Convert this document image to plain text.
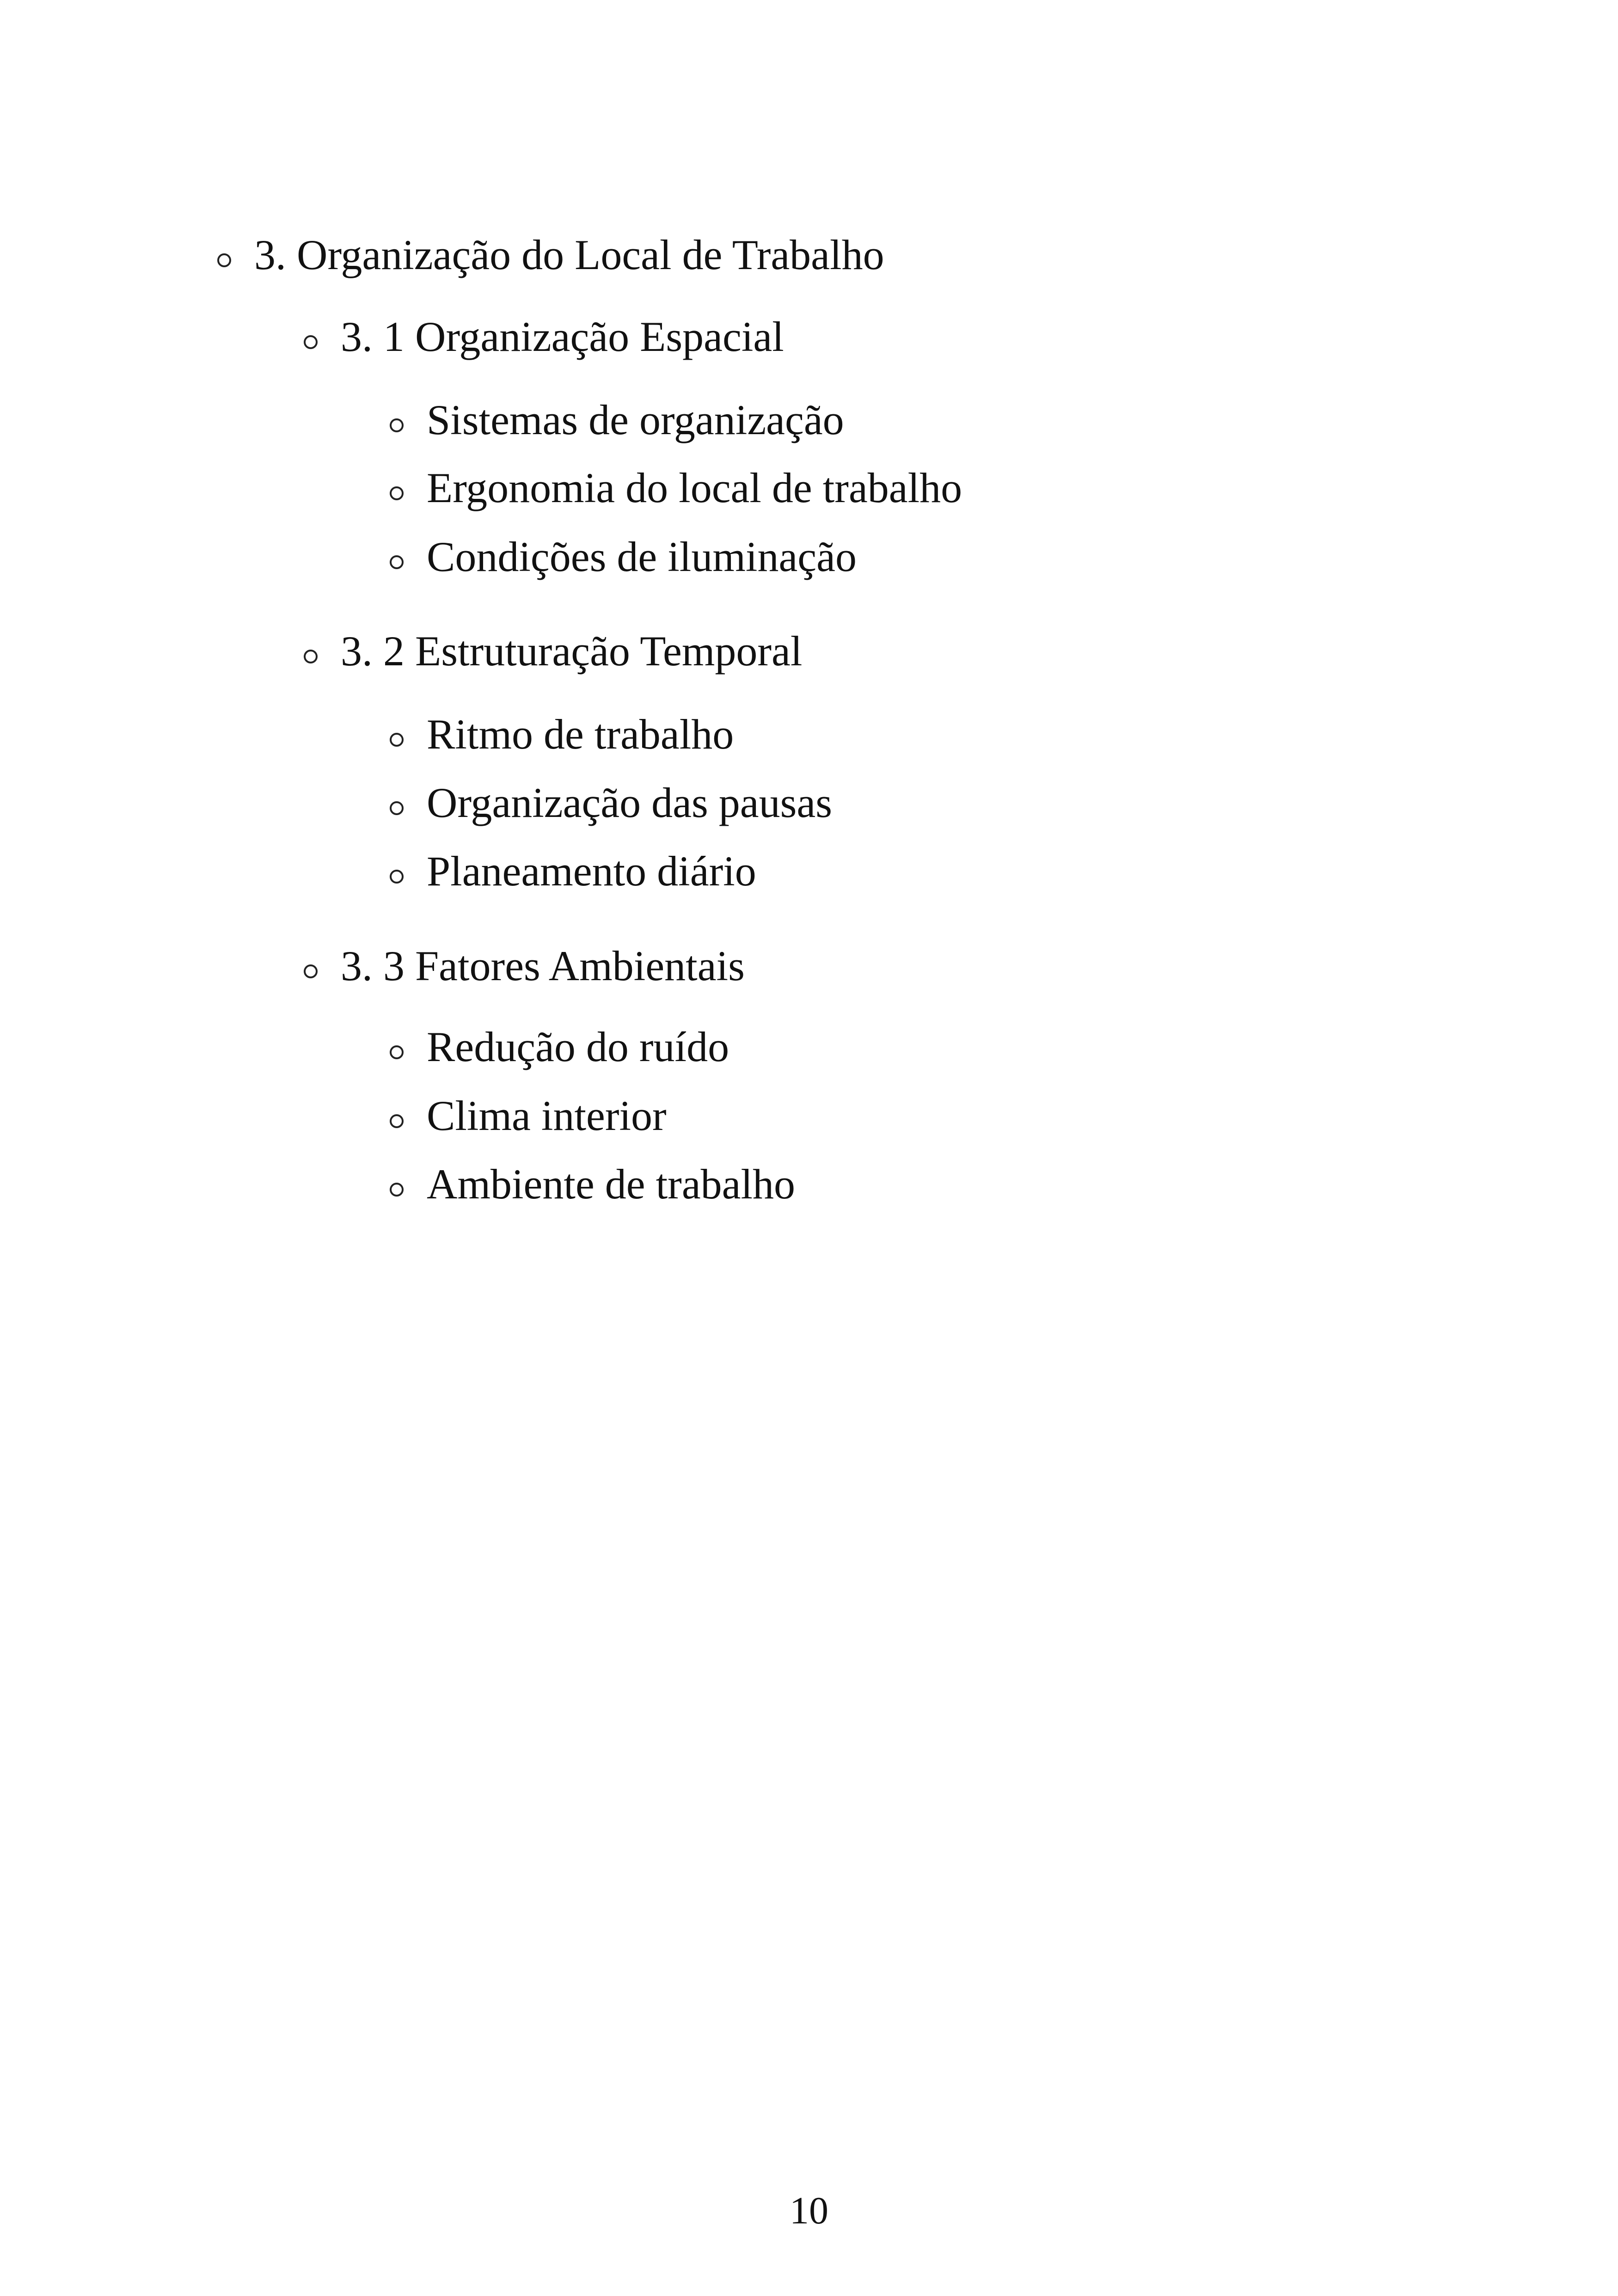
3. Organização do Local de Trabalho
3. 1 Organização Espacial
Sistemas de organização
Ergonomia do local de trabalho
Condições de iluminação
3. 2 Estruturação Temporal
Ritmo de trabalho
Organização das pausas
Planeamento diário
3. 3 Fatores Ambientais
Redução do ruído
Clima interior
Ambiente de trabalho
10
